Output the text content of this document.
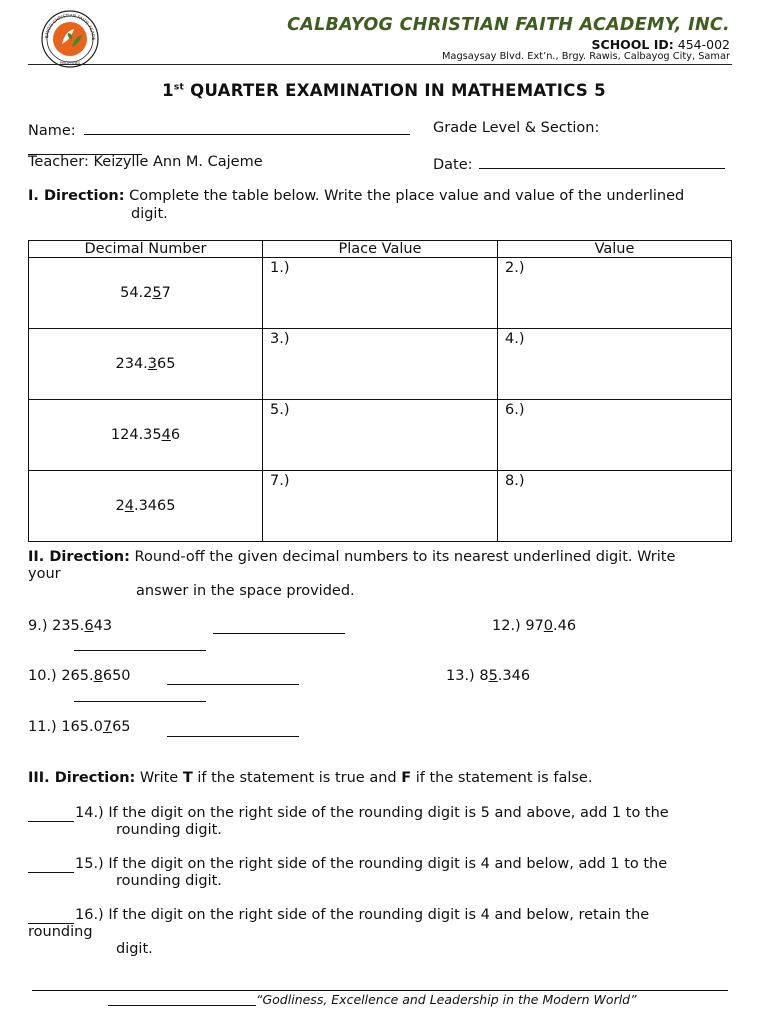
BAYOG CHRISTIAN FAITH ACADE
PHILIPPINES
CALBAYOG CHRISTIAN FAITH ACADEMY, INC.
SCHOOL ID: 454-002
Magsaysay Blvd. Ext’n., Brgy. Rawis, Calbayog City, Samar
1st QUARTER EXAMINATION IN MATHEMATICS 5
Name:	Grade Level & Section:
Teacher: Keizylle Ann M. Cajeme	Date:
I. Direction: Complete the table below. Write the place value and value of the underlined
digit.
Decimal Number	Place Value	Value
54.257	1.)	2.)
234.365	3.)	4.)
124.3546	5.)	6.)
24.3465	7.)	8.)
II. Direction: Round-off the given decimal numbers to its nearest underlined digit. Write
your
answer in the space provided.
9.) 235.643	12.) 970.46
10.) 265.8650	13.) 85.346
11.) 165.0765
III. Direction: Write T if the statement is true and F if the statement is false.
14.) If the digit on the right side of the rounding digit is 5 and above, add 1 to the
rounding digit.
15.) If the digit on the right side of the rounding digit is 4 and below, add 1 to the
rounding digit.
16.) If the digit on the right side of the rounding digit is 4 and below, retain the
rounding
digit.
“Godliness, Excellence and Leadership in the Modern World”
